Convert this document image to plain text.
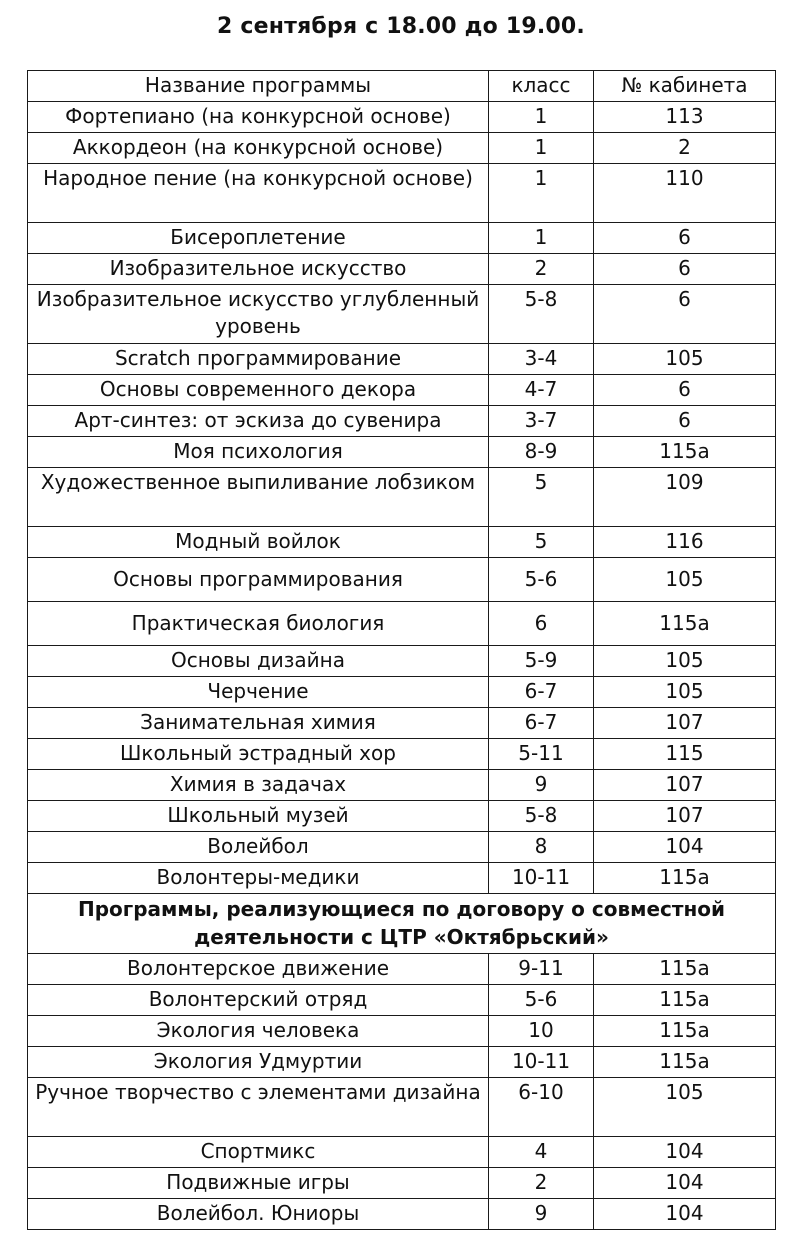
2 сентября с 18.00 до 19.00.
Название программы	класс	№ кабинета
Фортепиано (на конкурсной основе)	1	113
Аккордеон (на конкурсной основе)	1	2
Народное пение (на конкурсной основе)	1	110
Бисероплетение	1	6
Изобразительное искусство	2	6
Изобразительное искусство углубленный уровень	5-8	6
Scratch программирование	3-4	105
Основы современного декора	4-7	6
Арт-синтез: от эскиза до сувенира	3-7	6
Моя психология	8-9	115а
Художественное выпиливание лобзиком	5	109
Модный войлок	5	116
Основы программирования	5-6	105
Практическая биология	6	115а
Основы дизайна	5-9	105
Черчение	6-7	105
Занимательная химия	6-7	107
Школьный эстрадный хор	5-11	115
Химия в задачах	9	107
Школьный музей	5-8	107
Волейбол	8	104
Волонтеры-медики	10-11	115а
Программы, реализующиеся по договору о совместной деятельности с ЦТР «Октябрьский»		
Волонтерское движение	9-11	115а
Волонтерский отряд	5-6	115а
Экология человека	10	115а
Экология Удмуртии	10-11	115а
Ручное творчество с элементами дизайна	6-10	105
Спортмикс	4	104
Подвижные игры	2	104
Волейбол. Юниоры	9	104
